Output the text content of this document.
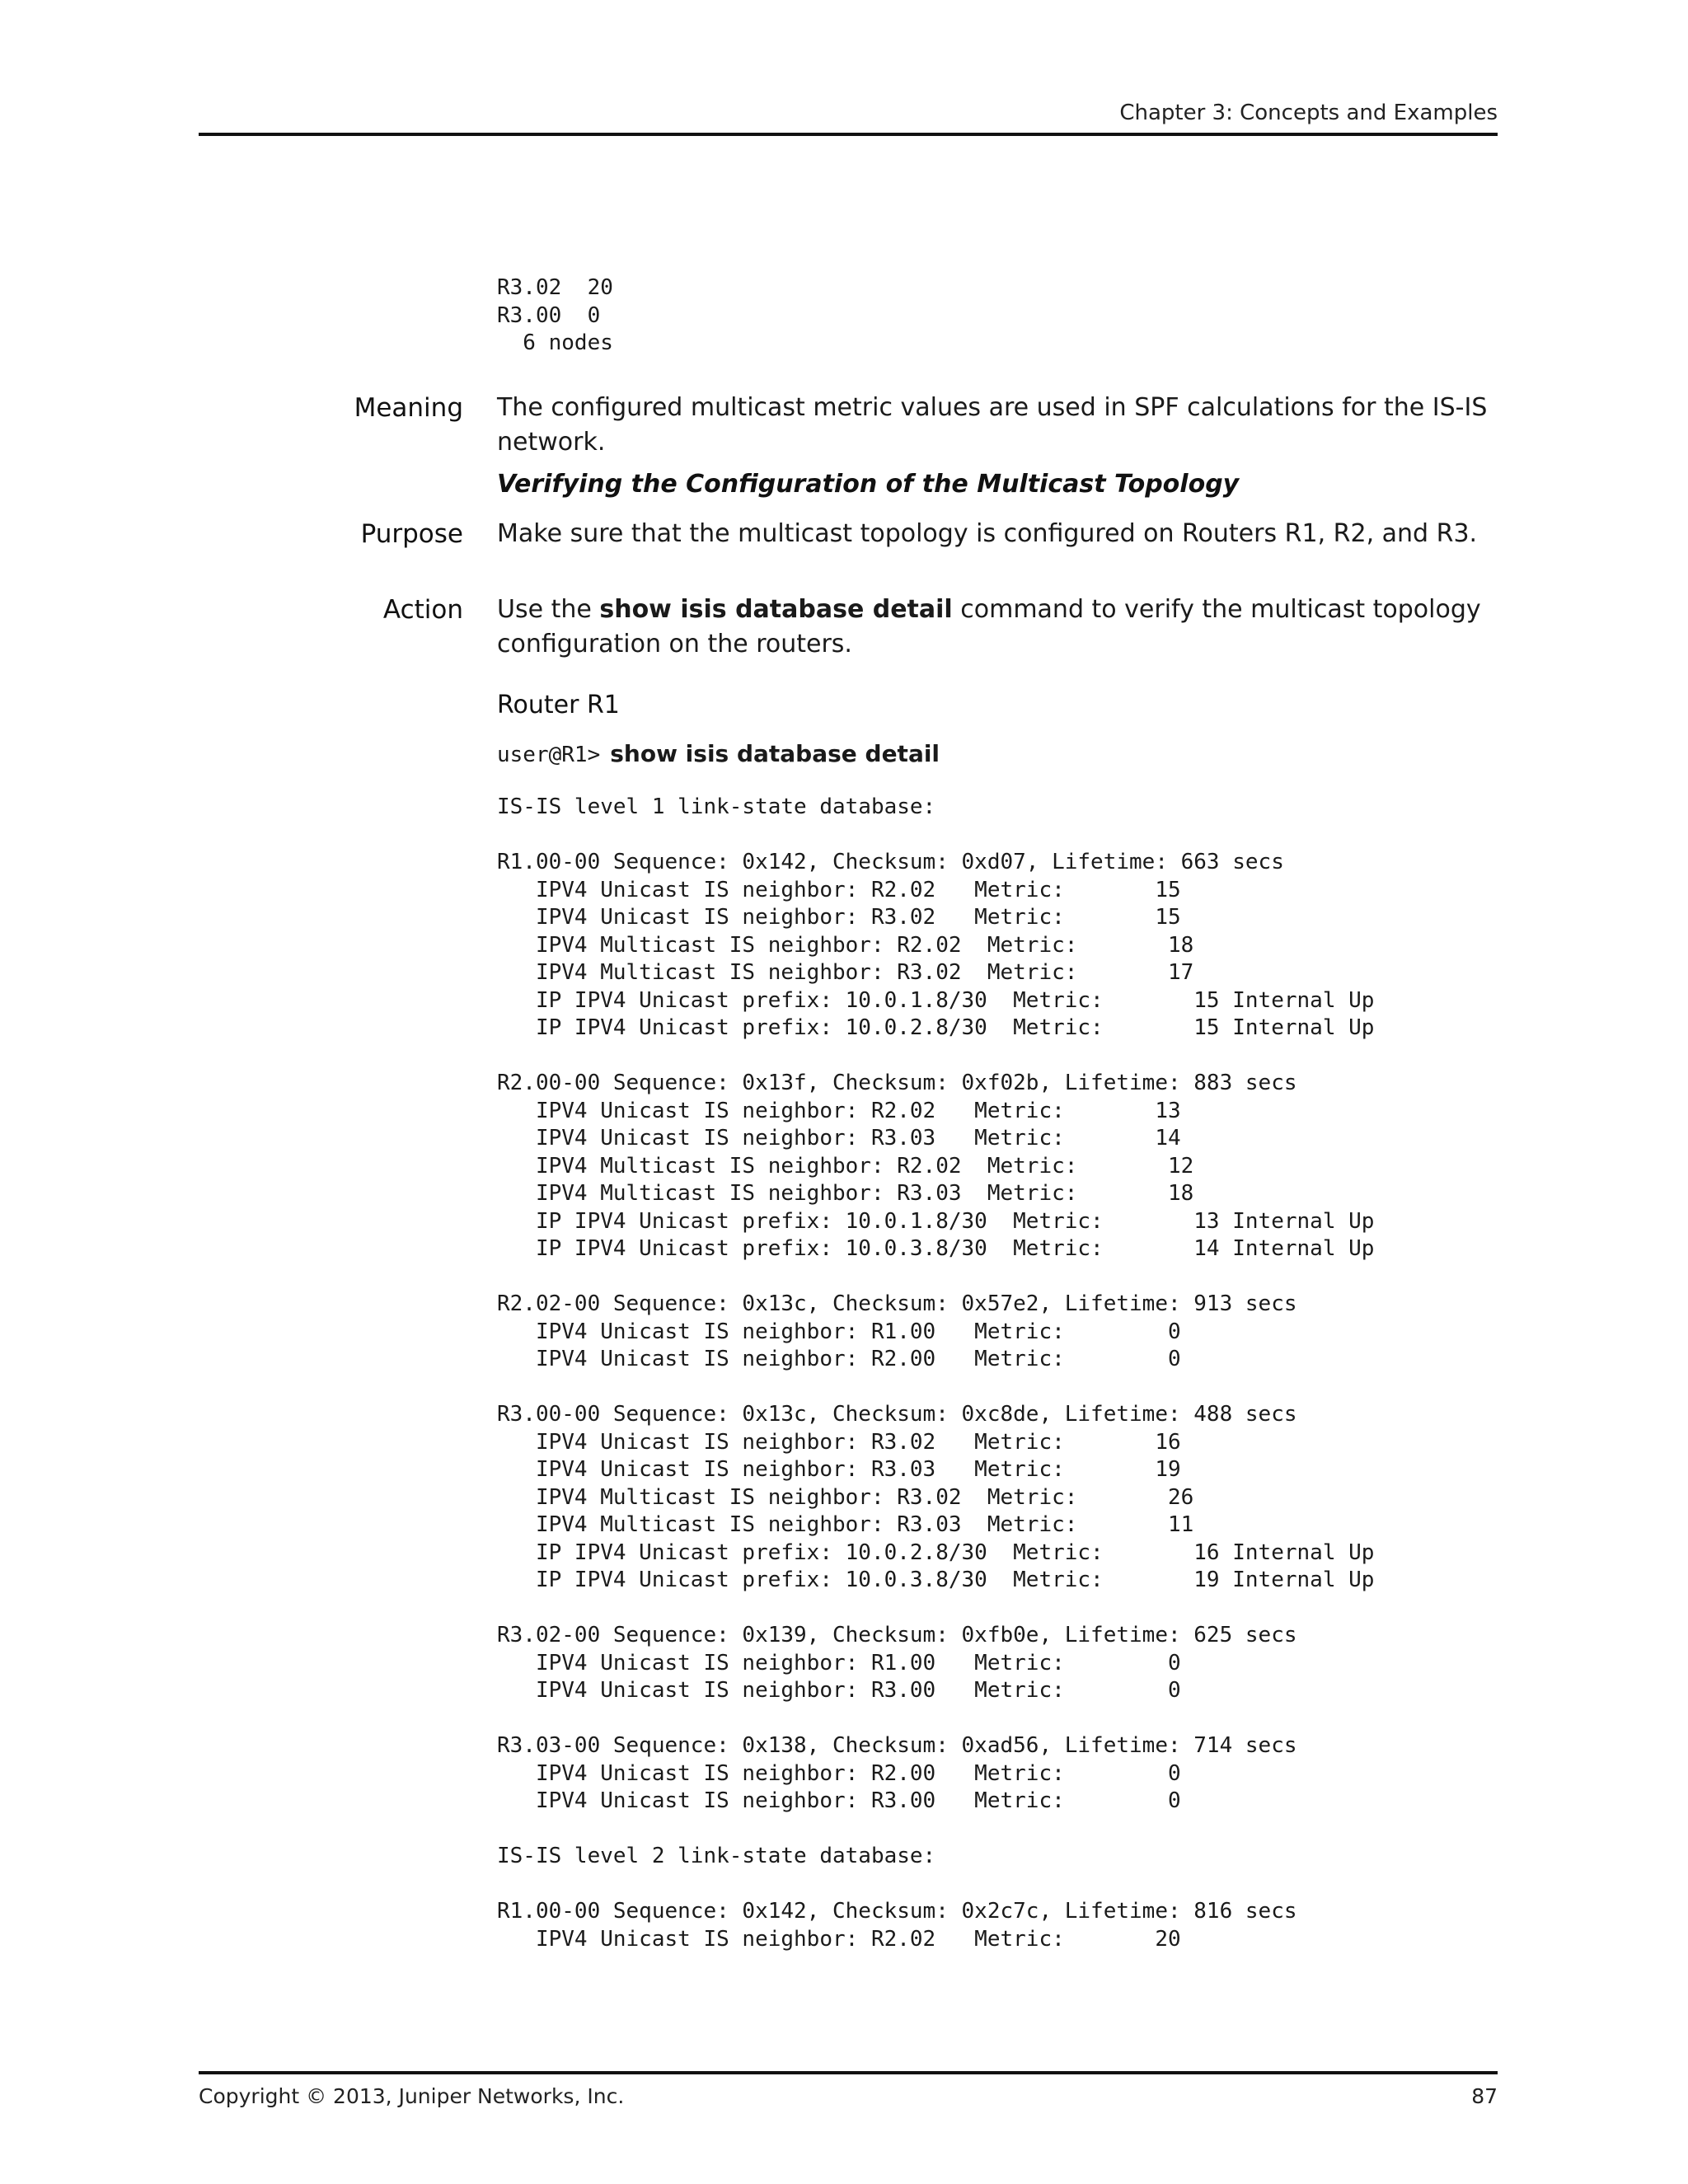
Chapter 3: Concepts and Examples
R3.02  20
R3.00  0
6 nodes
Meaning The configured multicast metric values are used in SPF calculations for the IS-IS network.
Verifying the Configuration of the Multicast Topology
Purpose Make sure that the multicast topology is configured on Routers R1, R2, and R3.
Action Use the show isis database detail command to verify the multicast topology configuration on the routers.
Router R1
user@R1> show isis database detail
IS-IS level 1 link-state database:

R1.00-00 Sequence: 0x142, Checksum: 0xd07, Lifetime: 663 secs
IPV4 Unicast IS neighbor: R2.02   Metric:       15
IPV4 Unicast IS neighbor: R3.02   Metric:       15
IPV4 Multicast IS neighbor: R2.02  Metric:       18
IPV4 Multicast IS neighbor: R3.02  Metric:       17
IP IPV4 Unicast prefix: 10.0.1.8/30  Metric:       15 Internal Up
IP IPV4 Unicast prefix: 10.0.2.8/30  Metric:       15 Internal Up

R2.00-00 Sequence: 0x13f, Checksum: 0xf02b, Lifetime: 883 secs
IPV4 Unicast IS neighbor: R2.02   Metric:       13
IPV4 Unicast IS neighbor: R3.03   Metric:       14
IPV4 Multicast IS neighbor: R2.02  Metric:       12
IPV4 Multicast IS neighbor: R3.03  Metric:       18
IP IPV4 Unicast prefix: 10.0.1.8/30  Metric:       13 Internal Up
IP IPV4 Unicast prefix: 10.0.3.8/30  Metric:       14 Internal Up

R2.02-00 Sequence: 0x13c, Checksum: 0x57e2, Lifetime: 913 secs
IPV4 Unicast IS neighbor: R1.00   Metric:        0
IPV4 Unicast IS neighbor: R2.00   Metric:        0

R3.00-00 Sequence: 0x13c, Checksum: 0xc8de, Lifetime: 488 secs
IPV4 Unicast IS neighbor: R3.02   Metric:       16
IPV4 Unicast IS neighbor: R3.03   Metric:       19
IPV4 Multicast IS neighbor: R3.02  Metric:       26
IPV4 Multicast IS neighbor: R3.03  Metric:       11
IP IPV4 Unicast prefix: 10.0.2.8/30  Metric:       16 Internal Up
IP IPV4 Unicast prefix: 10.0.3.8/30  Metric:       19 Internal Up

R3.02-00 Sequence: 0x139, Checksum: 0xfb0e, Lifetime: 625 secs
IPV4 Unicast IS neighbor: R1.00   Metric:        0
IPV4 Unicast IS neighbor: R3.00   Metric:        0

R3.03-00 Sequence: 0x138, Checksum: 0xad56, Lifetime: 714 secs
IPV4 Unicast IS neighbor: R2.00   Metric:        0
IPV4 Unicast IS neighbor: R3.00   Metric:        0

IS-IS level 2 link-state database:

R1.00-00 Sequence: 0x142, Checksum: 0x2c7c, Lifetime: 816 secs
IPV4 Unicast IS neighbor: R2.02   Metric:       20
Copyright © 2013, Juniper Networks, Inc.	87
